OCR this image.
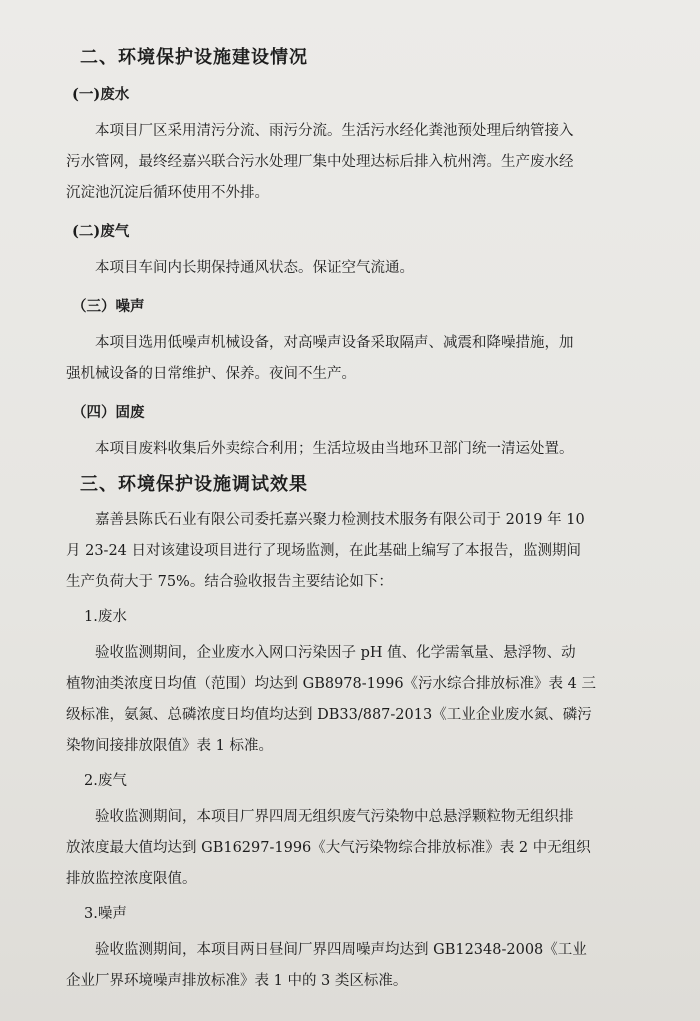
二、环境保护设施建设情况
(一)废水

本项目厂区采用清污分流、雨污分流。生活污水经化粪池预处理后纳管接入
污水管网，最终经嘉兴联合污水处理厂集中处理达标后排入杭州湾。生产废水经
沉淀池沉淀后循环使用不外排。

(二)废气

本项目车间内长期保持通风状态。保证空气流通。

（三）噪声

本项目选用低噪声机械设备，对高噪声设备采取隔声、减震和降噪措施，加
强机械设备的日常维护、保养。夜间不生产。

（四）固废

本项目废料收集后外卖综合利用；生活垃圾由当地环卫部门统一清运处置。

三、环境保护设施调试效果

嘉善县陈氏石业有限公司委托嘉兴聚力检测技术服务有限公司于 2019 年 10
月 23-24 日对该建设项目进行了现场监测，在此基础上编写了本报告，监测期间
生产负荷大于 75%。结合验收报告主要结论如下：

1.废水

验收监测期间，企业废水入网口污染因子 pH 值、化学需氧量、悬浮物、动
植物油类浓度日均值（范围）均达到 GB8978-1996《污水综合排放标准》表 4 三
级标准，氨氮、总磷浓度日均值均达到 DB33/887-2013《工业企业废水氮、磷污
染物间接排放限值》表 1 标准。

2.废气

验收监测期间，本项目厂界四周无组织废气污染物中总悬浮颗粒物无组织排
放浓度最大值均达到 GB16297-1996《大气污染物综合排放标准》表 2 中无组织
排放监控浓度限值。

3.噪声

验收监测期间，本项目两日昼间厂界四周噪声均达到 GB12348-2008《工业
企业厂界环境噪声排放标准》表 1 中的 3 类区标准。
